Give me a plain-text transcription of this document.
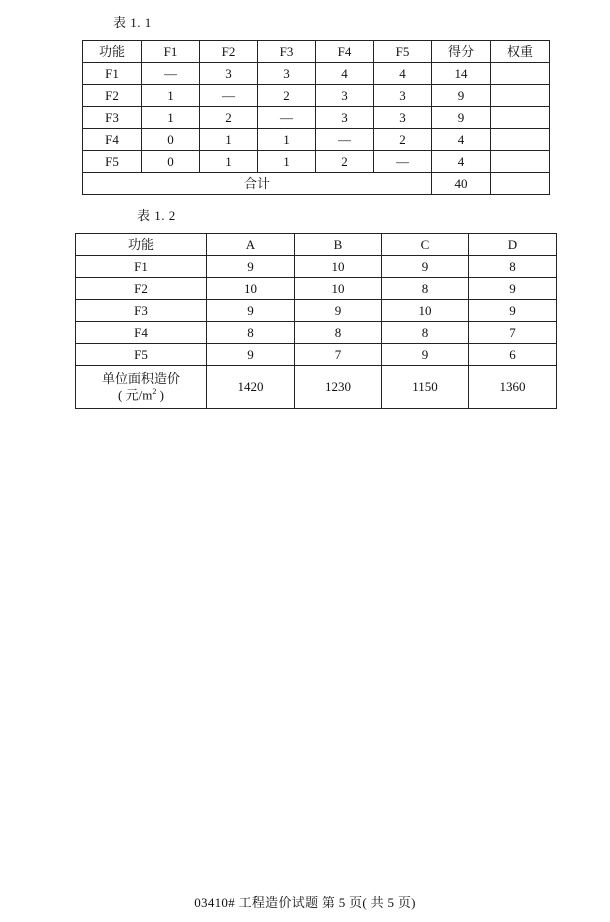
表 1. 1
功能	F1	F2	F3	F4	F5	得分	权重
F1	—	3	3	4	4	14	
F2	1	—	2	3	3	9	
F3	1	2	—	3	3	9	
F4	0	1	1	—	2	4	
F5	0	1	1	2	—	4	
合计						40	
表 1. 2
功能	A	B	C	D
F1	9	10	9	8
F2	10	10	8	9
F3	9	9	10	9
F4	8	8	8	7
F5	9	7	9	6

单位面积造价
( 元$/m^2$ )	1420	1230	1150	1360
03410# 工程造价试题 第 5 页( 共 5 页)
